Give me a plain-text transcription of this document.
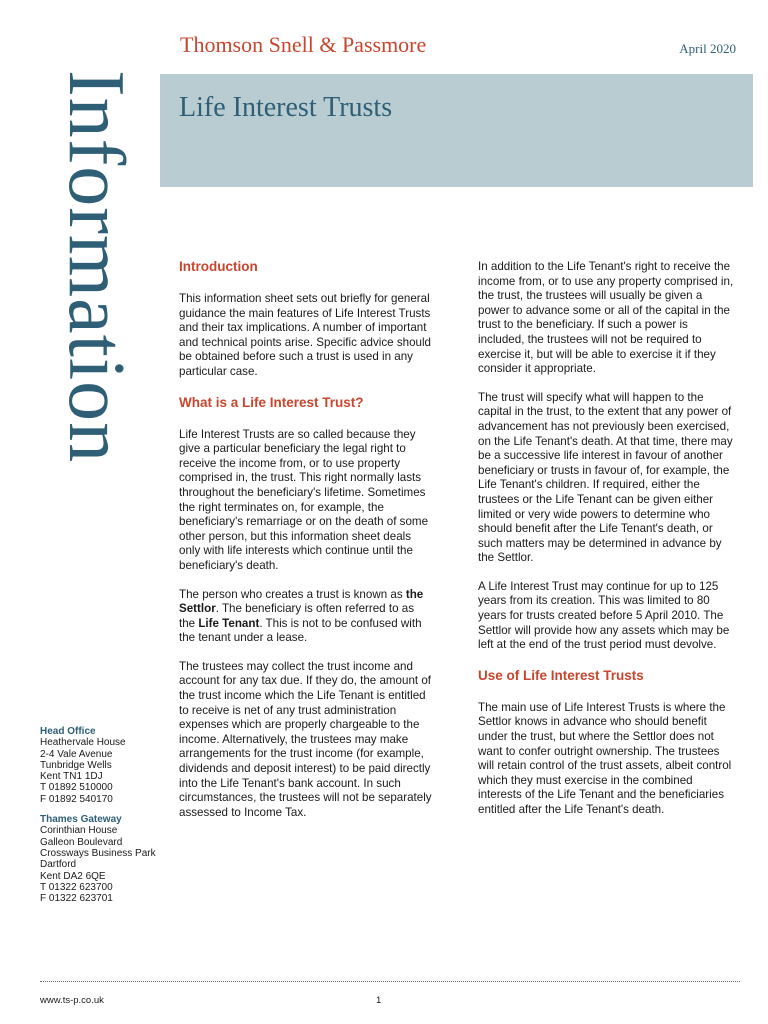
Information
Thomson Snell & Passmore	April 2020
Life Interest Trusts
Introduction

This information sheet sets out briefly for general guidance the main features of Life Interest Trusts and their tax implications. A number of important and technical points arise. Specific advice should be obtained before such a trust is used in any particular case.

What is a Life Interest Trust?

Life Interest Trusts are so called because they give a particular beneficiary the legal right to receive the income from, or to use property comprised in, the trust. This right normally lasts throughout the beneficiary's lifetime. Sometimes the right terminates on, for example, the beneficiary's remarriage or on the death of some other person, but this information sheet deals only with life interests which continue until the beneficiary's death.

The person who creates a trust is known as the Settlor. The beneficiary is often referred to as the Life Tenant. This is not to be confused with the tenant under a lease.

The trustees may collect the trust income and account for any tax due. If they do, the amount of the trust income which the Life Tenant is entitled to receive is net of any trust administration expenses which are properly chargeable to the income. Alternatively, the trustees may make arrangements for the trust income (for example, dividends and deposit interest) to be paid directly into the Life Tenant's bank account. In such circumstances, the trustees will not be separately assessed to Income Tax.

In addition to the Life Tenant's right to receive the income from, or to use any property comprised in, the trust, the trustees will usually be given a power to advance some or all of the capital in the trust to the beneficiary. If such a power is included, the trustees will not be required to exercise it, but will be able to exercise it if they consider it appropriate.

The trust will specify what will happen to the capital in the trust, to the extent that any power of advancement has not previously been exercised, on the Life Tenant's death. At that time, there may be a successive life interest in favour of another beneficiary or trusts in favour of, for example, the Life Tenant's children. If required, either the trustees or the Life Tenant can be given either limited or very wide powers to determine who should benefit after the Life Tenant's death, or such matters may be determined in advance by the Settlor.

A Life Interest Trust may continue for up to 125 years from its creation. This was limited to 80 years for trusts created before 5 April 2010. The Settlor will provide how any assets which may be left at the end of the trust period must devolve.

Use of Life Interest Trusts

The main use of Life Interest Trusts is where the Settlor knows in advance who should benefit under the trust, but where the Settlor does not want to confer outright ownership. The trustees will retain control of the trust assets, albeit control which they must exercise in the combined interests of the Life Tenant and the beneficiaries entitled after the Life Tenant's death.

Head Office
Heathervale House
2-4 Vale Avenue
Tunbridge Wells
Kent TN1 1DJ
T 01892 510000
F 01892 540170
Thames Gateway
Corinthian House
Galleon Boulevard
Crossways Business Park
Dartford
Kent DA2 6QE
T 01322 623700
F 01322 623701
www.ts-p.co.uk	1
